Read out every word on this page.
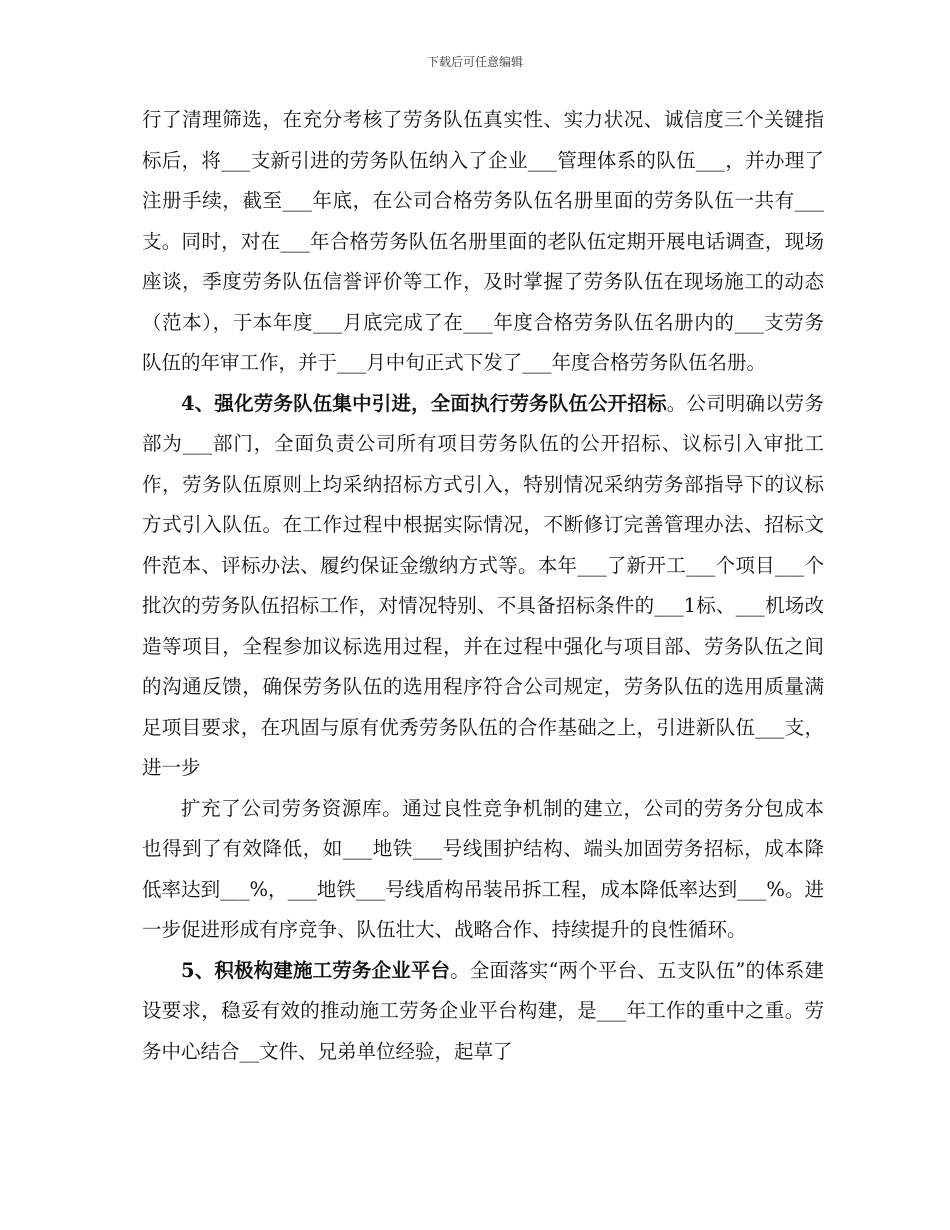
下载后可任意编辑

行了清理筛选，在充分考核了劳务队伍真实性、实力状况、诚信度三个关键指标后，将___支新引进的劳务队伍纳入了企业___管理体系的队伍___，并办理了注册手续，截至___年底，在公司合格劳务队伍名册里面的劳务队伍一共有___支。同时，对在___年合格劳务队伍名册里面的老队伍定期开展电话调查，现场座谈，季度劳务队伍信誉评价等工作，及时掌握了劳务队伍在现场施工的动态（范本），于本年度___月底完成了在___年度合格劳务队伍名册内的___支劳务队伍的年审工作，并于___月中旬正式下发了___年度合格劳务队伍名册。

4、强化劳务队伍集中引进，全面执行劳务队伍公开招标。公司明确以劳务部为___部门，全面负责公司所有项目劳务队伍的公开招标、议标引入审批工作，劳务队伍原则上均采纳招标方式引入，特别情况采纳劳务部指导下的议标方式引入队伍。在工作过程中根据实际情况，不断修订完善管理办法、招标文件范本、评标办法、履约保证金缴纳方式等。本年___了新开工___个项目___个批次的劳务队伍招标工作，对情况特别、不具备招标条件的___1标、___机场改造等项目，全程参加议标选用过程，并在过程中强化与项目部、劳务队伍之间的沟通反馈，确保劳务队伍的选用程序符合公司规定，劳务队伍的选用质量满足项目要求，在巩固与原有优秀劳务队伍的合作基础之上，引进新队伍___支，进一步

扩充了公司劳务资源库。通过良性竞争机制的建立，公司的劳务分包成本也得到了有效降低，如___地铁___号线围护结构、端头加固劳务招标，成本降低率达到___%，___地铁___号线盾构吊装吊拆工程，成本降低率达到___%。进一步促进形成有序竞争、队伍壮大、战略合作、持续提升的良性循环。

5、积极构建施工劳务企业平台。全面落实“两个平台、五支队伍”的体系建设要求，稳妥有效的推动施工劳务企业平台构建，是___年工作的重中之重。劳务中心结合__文件、兄弟单位经验，起草了
